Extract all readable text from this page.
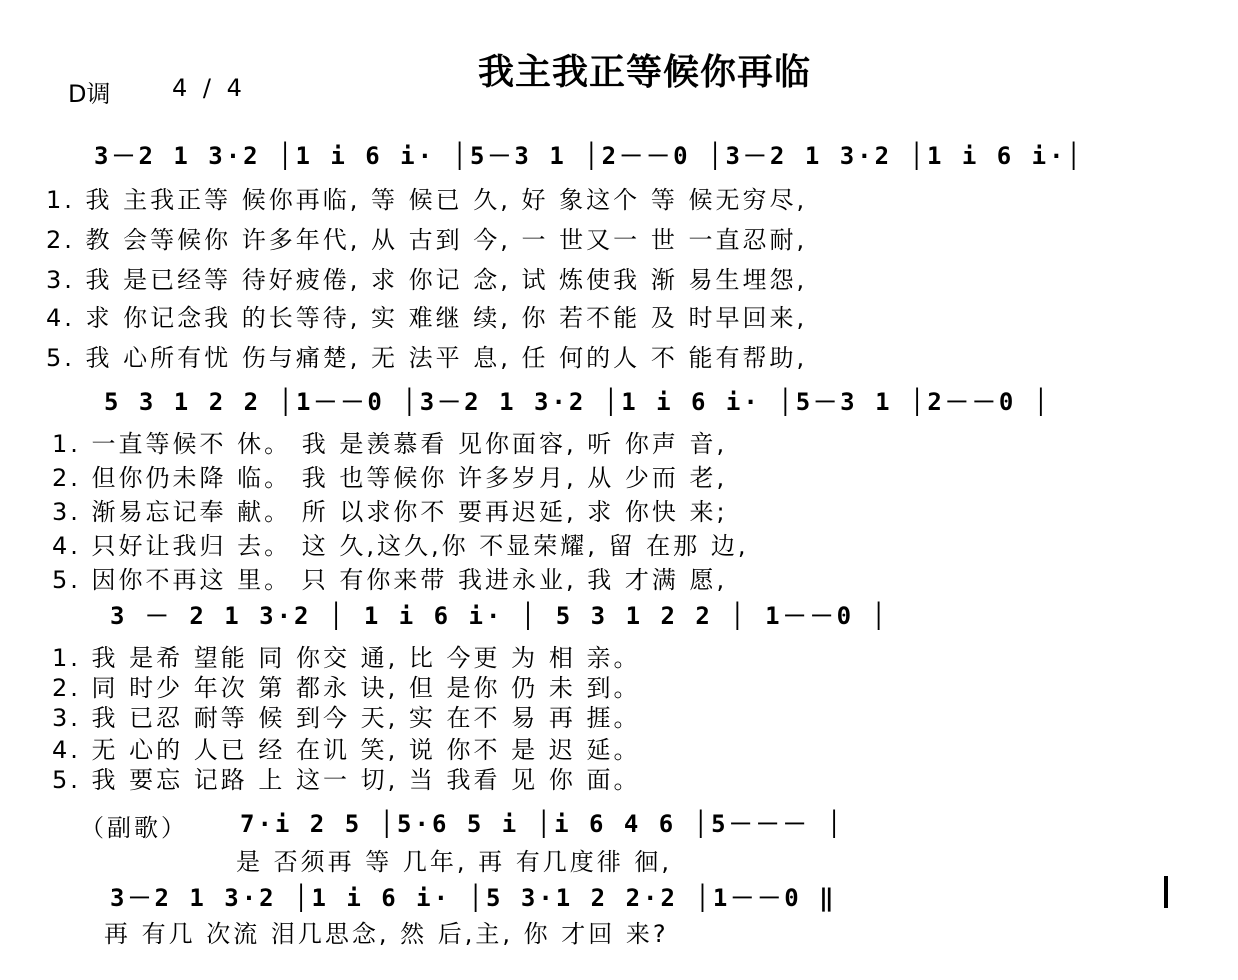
我主我正等候你再临
D调	4 / 4
3－2 1 3·2 │1 i 6 i· │5－3 1 │2－－0 │3－2 1 3·2 │1 i 6 i·│
1. 我 主我正等 候你再临, 等 候已 久, 好 象这个 等 候无穷尽,
2. 教 会等候你 许多年代, 从 古到 今, 一 世又一 世 一直忍耐,
3. 我 是已经等 待好疲倦, 求 你记 念, 试 炼使我 渐 易生埋怨,
4. 求 你记念我 的长等待, 实 难继 续, 你 若不能 及 时早回来,
5. 我 心所有忧 伤与痛楚, 无 法平 息, 任 何的人 不 能有帮助,
5 3 1 2 2 │1－－0 │3－2 1 3·2 │1 i 6 i· │5－3 1 │2－－0 │
1. 一直等候不 休。 我 是羡慕看 见你面容, 听 你声 音,
2. 但你仍未降 临。 我 也等候你 许多岁月, 从 少而 老,
3. 渐易忘记奉 献。 所 以求你不 要再迟延, 求 你快 来;
4. 只好让我归 去。 这 久,这久,你 不显荣耀, 留 在那 边,
5. 因你不再这 里。 只 有你来带 我进永业, 我 才满 愿,
3 － 2 1 3·2 │ 1 i 6 i· │ 5 3 1 2 2 │ 1－－0 │
1. 我 是希 望能 同 你交 通, 比 今更 为 相 亲。
2. 同 时少 年次 第 都永 诀, 但 是你 仍 未 到。
3. 我 已忍 耐等 候 到今 天, 实 在不 易 再 捱。
4. 无 心的 人已 经 在讥 笑, 说 你不 是 迟 延。
5. 我 要忘 记路 上 这一 切, 当 我看 见 你 面。
（副歌） 7·i 2 5 │5·6 5 i │i 6 4 6 │5－－－ │
是 否须再 等 几年, 再 有几度徘 徊,
3－2 1 3·2 │1 i 6 i· │5 3·1 2 2·2 │1－－0 ‖
再 有几 次流 泪几思念, 然 后,主, 你 才回 来?
